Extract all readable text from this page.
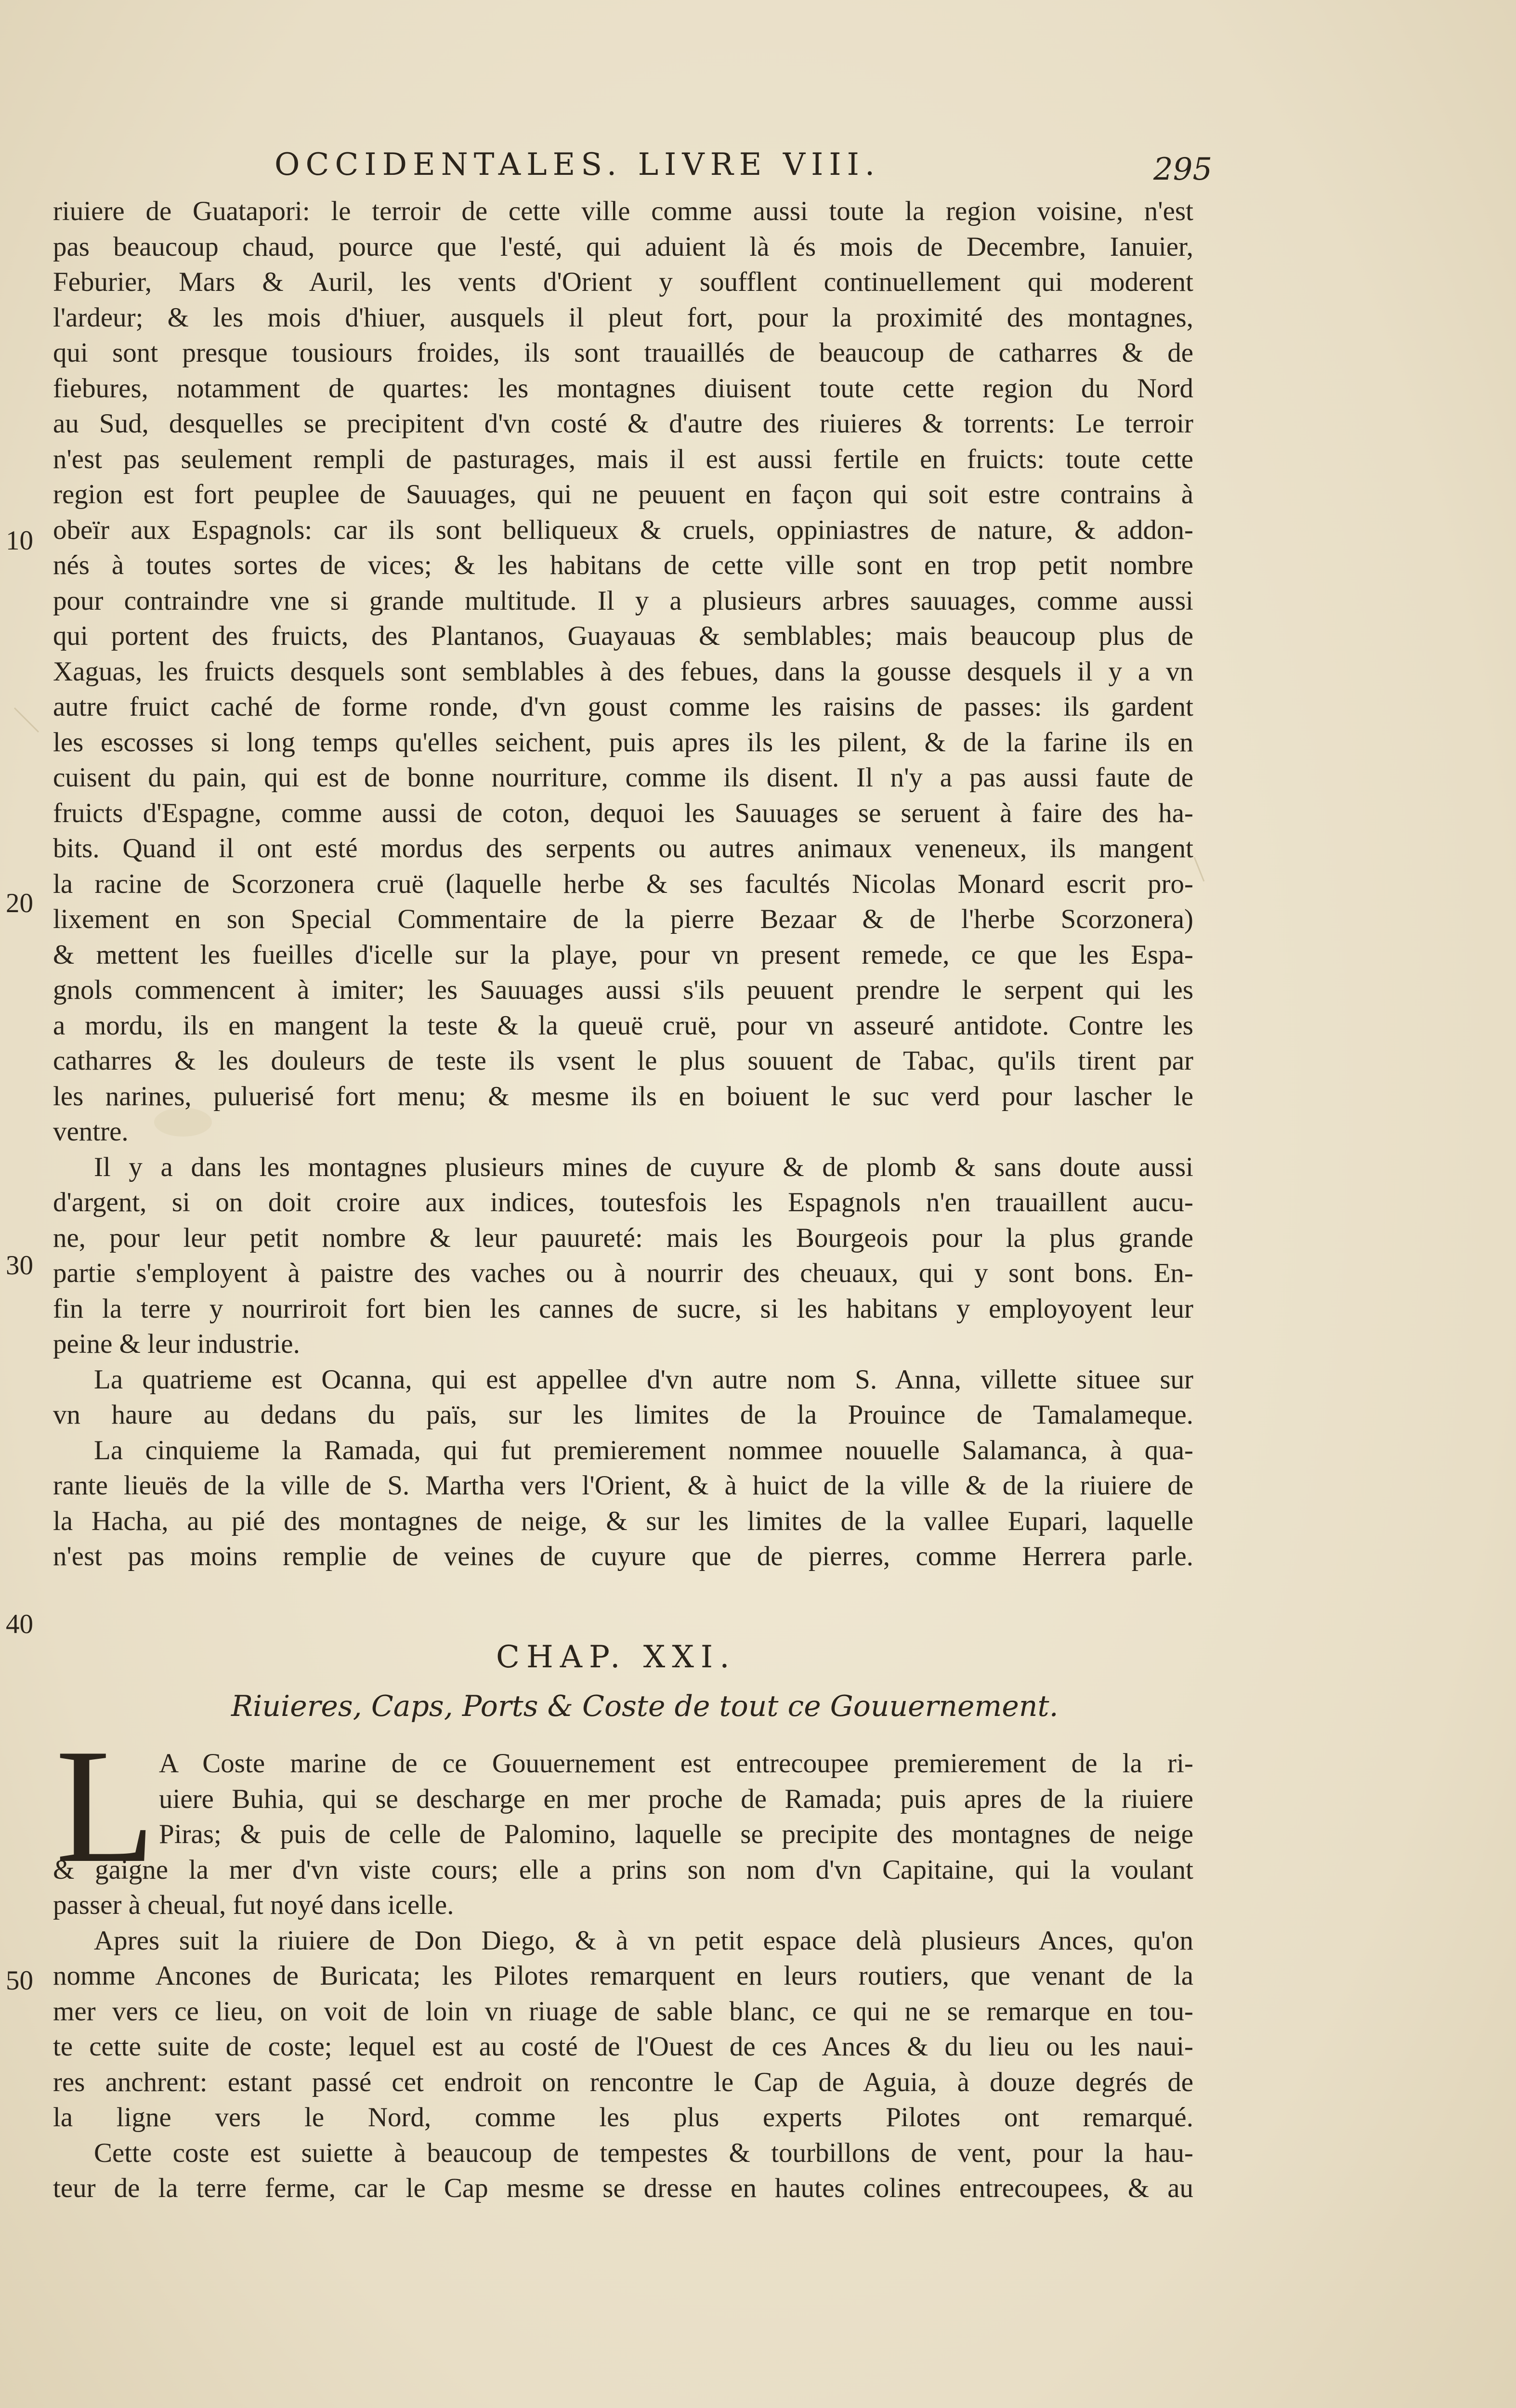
OCCIDENTALES. LIVRE VIII.	295
riuiere de Guatapori: le terroir de cette ville comme aussi toute la region voisine, n'est
pas beaucoup chaud, pource que l'esté, qui aduient là és mois de Decembre, Ianuier,
Feburier, Mars & Auril, les vents d'Orient y soufflent continuellement qui moderent
l'ardeur; & les mois d'hiuer, ausquels il pleut fort, pour la proximité des montagnes,
qui sont presque tousiours froides, ils sont trauaillés de beaucoup de catharres & de
fiebures, notamment de quartes: les montagnes diuisent toute cette region du Nord
au Sud, desquelles se precipitent d'vn costé & d'autre des riuieres & torrents: Le terroir
n'est pas seulement rempli de pasturages, mais il est aussi fertile en fruicts: toute cette
region est fort peuplee de Sauuages, qui ne peuuent en façon qui soit estre contrains à
obeïr aux Espagnols: car ils sont belliqueux & cruels, oppiniastres de nature, & addon-
nés à toutes sortes de vices; & les habitans de cette ville sont en trop petit nombre
pour contraindre vne si grande multitude. Il y a plusieurs arbres sauuages, comme aussi
qui portent des fruicts, des Plantanos, Guayauas & semblables; mais beaucoup plus de
Xaguas, les fruicts desquels sont semblables à des febues, dans la gousse desquels il y a vn
autre fruict caché de forme ronde, d'vn goust comme les raisins de passes: ils gardent
les escosses si long temps qu'elles seichent, puis apres ils les pilent, & de la farine ils en
cuisent du pain, qui est de bonne nourriture, comme ils disent. Il n'y a pas aussi faute de
fruicts d'Espagne, comme aussi de coton, dequoi les Sauuages se seruent à faire des ha-
bits. Quand il ont esté mordus des serpents ou autres animaux veneneux, ils mangent
la racine de Scorzonera cruë (laquelle herbe & ses facultés Nicolas Monard escrit pro-
lixement en son Special Commentaire de la pierre Bezaar & de l'herbe Scorzonera)
& mettent les fueilles d'icelle sur la playe, pour vn present remede, ce que les Espa-
gnols commencent à imiter; les Sauuages aussi s'ils peuuent prendre le serpent qui les
a mordu, ils en mangent la teste & la queuë cruë, pour vn asseuré antidote. Contre les
catharres & les douleurs de teste ils vsent le plus souuent de Tabac, qu'ils tirent par
les narines, puluerisé fort menu; & mesme ils en boiuent le suc verd pour lascher le
ventre.
Il y a dans les montagnes plusieurs mines de cuyure & de plomb & sans doute aussi
d'argent, si on doit croire aux indices, toutesfois les Espagnols n'en trauaillent aucu-
ne, pour leur petit nombre & leur pauureté: mais les Bourgeois pour la plus grande
partie s'employent à paistre des vaches ou à nourrir des cheuaux, qui y sont bons. En-
fin la terre y nourriroit fort bien les cannes de sucre, si les habitans y employoyent leur
peine & leur industrie.
La quatrieme est Ocanna, qui est appellee d'vn autre nom S. Anna, villette situee sur
vn haure au dedans du païs, sur les limites de la Prouince de Tamalameque.
La cinquieme la Ramada, qui fut premierement nommee nouuelle Salamanca, à qua-
rante lieuës de la ville de S. Martha vers l'Orient, & à huict de la ville & de la riuiere de
la Hacha, au pié des montagnes de neige, & sur les limites de la vallee Eupari, laquelle
n'est pas moins remplie de veines de cuyure que de pierres, comme Herrera parle.
10
20
30
40
50
CHAP. XXI.
Riuieres, Caps, Ports & Coste de tout ce Gouuernement.
L A Coste marine de ce Gouuernement est entrecoupee premierement de la ri-
uiere Buhia, qui se descharge en mer proche de Ramada; puis apres de la riuiere
Piras; & puis de celle de Palomino, laquelle se precipite des montagnes de neige
& gaigne la mer d'vn viste cours; elle a prins son nom d'vn Capitaine, qui la voulant
passer à cheual, fut noyé dans icelle.
Apres suit la riuiere de Don Diego, & à vn petit espace delà plusieurs Ances, qu'on
nomme Ancones de Buricata; les Pilotes remarquent en leurs routiers, que venant de la
mer vers ce lieu, on voit de loin vn riuage de sable blanc, ce qui ne se remarque en tou-
te cette suite de coste; lequel est au costé de l'Ouest de ces Ances & du lieu ou les naui-
res anchrent: estant passé cet endroit on rencontre le Cap de Aguia, à douze degrés de
la ligne vers le Nord, comme les plus experts Pilotes ont remarqué.
Cette coste est suiette à beaucoup de tempestes & tourbillons de vent, pour la hau-
teur de la terre ferme, car le Cap mesme se dresse en hautes colines entrecoupees, & au
